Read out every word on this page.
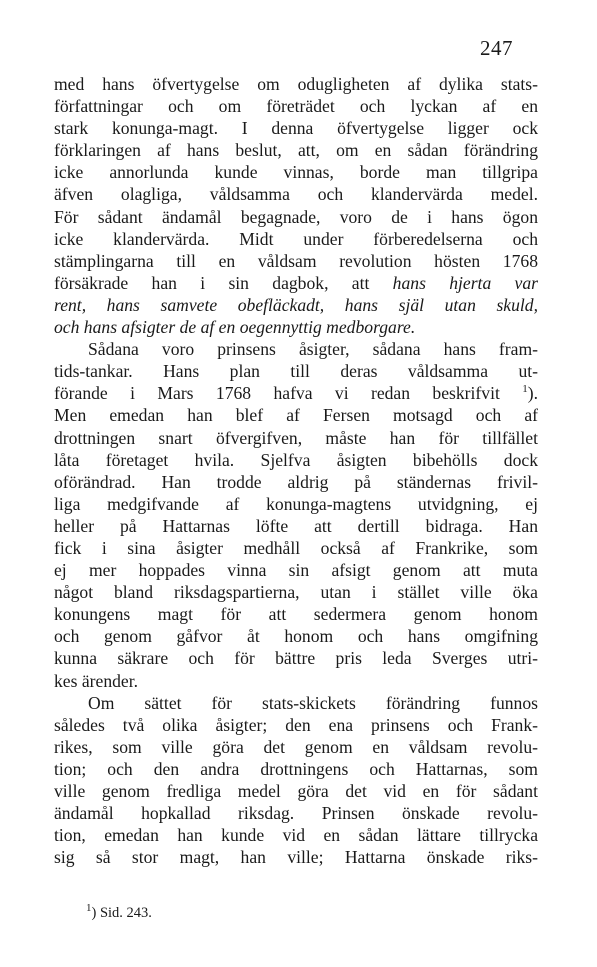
247
med hans öfvertygelse om odugligheten af dylika stats-
författningar och om företrädet och lyckan af en
stark konunga-magt. I denna öfvertygelse ligger ock
förklaringen af hans beslut, att, om en sådan förändring
icke annorlunda kunde vinnas, borde man tillgripa
äfven olagliga, våldsamma och klandervärda medel.
För sådant ändamål begagnade, voro de i hans ögon
icke klandervärda. Midt under förberedelserna och
stämplingarna till en våldsam revolution hösten 1768
försäkrade han i sin dagbok, att hans hjerta var
rent, hans samvete obefläckadt, hans själ utan skuld,
och hans afsigter de af en oegennyttig medborgare.
Sådana voro prinsens åsigter, sådana hans fram-
tids-tankar. Hans plan till deras våldsamma ut-
förande i Mars 1768 hafva vi redan beskrifvit $^1$).
Men emedan han blef af Fersen motsagd och af
drottningen snart öfvergifven, måste han för tillfället
låta företaget hvila. Sjelfva åsigten bibehölls dock
oförändrad. Han trodde aldrig på ständernas frivil-
liga medgifvande af konunga-magtens utvidgning, ej
heller på Hattarnas löfte att dertill bidraga. Han
fick i sina åsigter medhåll också af Frankrike, som
ej mer hoppades vinna sin afsigt genom att muta
något bland riksdagspartierna, utan i stället ville öka
konungens magt för att sedermera genom honom
och genom gåfvor åt honom och hans omgifning
kunna säkrare och för bättre pris leda Sverges utri-
kes ärender.
Om sättet för stats-skickets förändring funnos
således två olika åsigter; den ena prinsens och Frank-
rikes, som ville göra det genom en våldsam revolu-
tion; och den andra drottningens och Hattarnas, som
ville genom fredliga medel göra det vid en för sådant
ändamål hopkallad riksdag. Prinsen önskade revolu-
tion, emedan han kunde vid en sådan lättare tillrycka
sig så stor magt, han ville; Hattarna önskade riks-
$^1$) Sid. 243.
